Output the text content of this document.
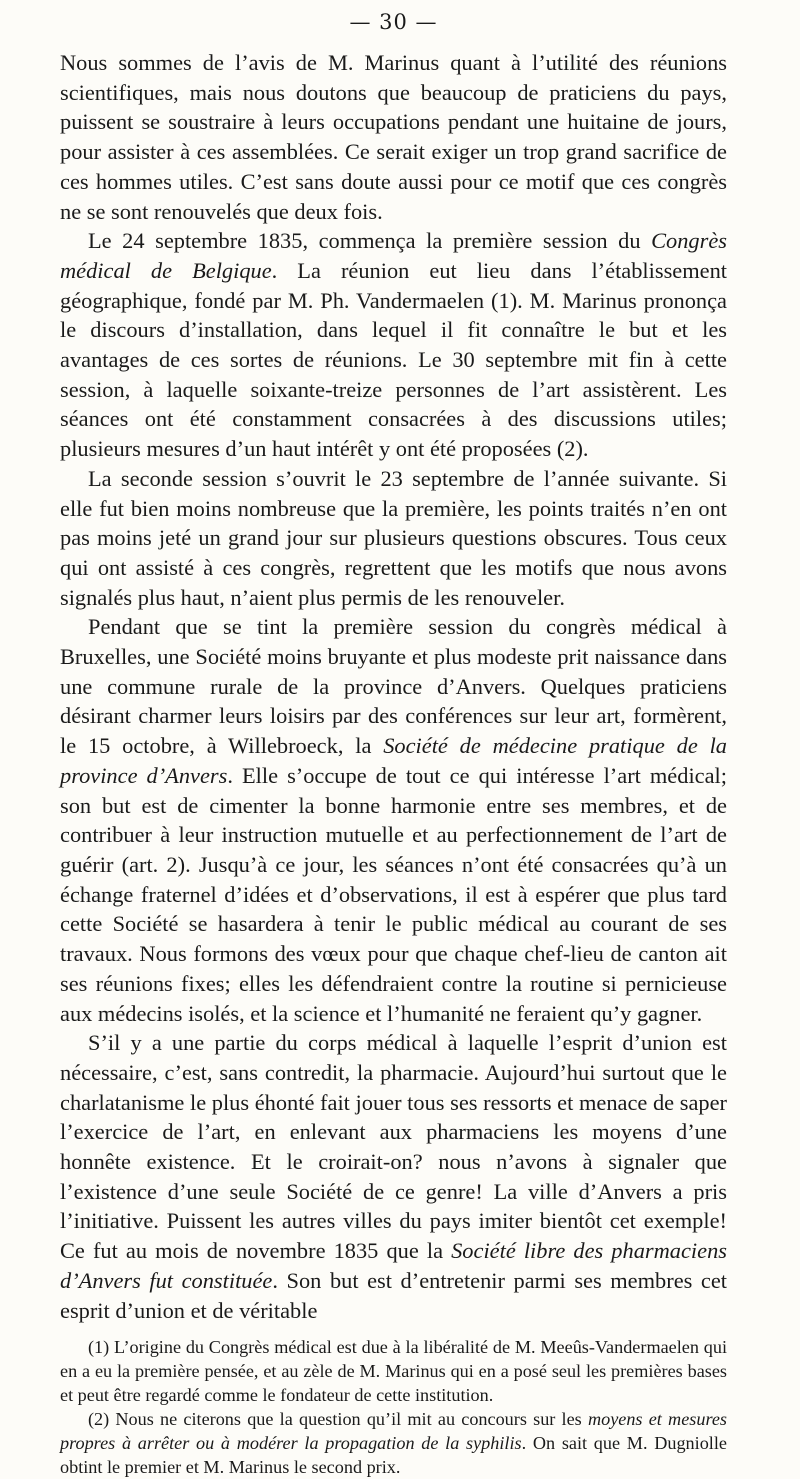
— 30 —

Nous sommes de l’avis de M. Marinus quant à l’utilité des réunions scientifiques, mais nous doutons que beaucoup de praticiens du pays, puissent se soustraire à leurs occupations pendant une huitaine de jours, pour assister à ces assemblées. Ce serait exiger un trop grand sacrifice de ces hommes utiles. C’est sans doute aussi pour ce motif que ces congrès ne se sont renouvelés que deux fois.

Le 24 septembre 1835, commença la première session du Congrès médical de Belgique. La réunion eut lieu dans l’établissement géographique, fondé par M. Ph. Vandermaelen (1). M. Marinus prononça le discours d’installation, dans lequel il fit connaître le but et les avantages de ces sortes de réunions. Le 30 septembre mit fin à cette session, à laquelle soixante-treize personnes de l’art assistèrent. Les séances ont été constamment consacrées à des discussions utiles; plusieurs mesures d’un haut intérêt y ont été proposées (2).

La seconde session s’ouvrit le 23 septembre de l’année suivante. Si elle fut bien moins nombreuse que la première, les points traités n’en ont pas moins jeté un grand jour sur plusieurs questions obscures. Tous ceux qui ont assisté à ces congrès, regrettent que les motifs que nous avons signalés plus haut, n’aient plus permis de les renouveler.

Pendant que se tint la première session du congrès médical à Bruxelles, une Société moins bruyante et plus modeste prit naissance dans une commune rurale de la province d’Anvers. Quelques praticiens désirant charmer leurs loisirs par des conférences sur leur art, formèrent, le 15 octobre, à Willebroeck, la Société de médecine pratique de la province d’Anvers. Elle s’occupe de tout ce qui intéresse l’art médical; son but est de cimenter la bonne harmonie entre ses membres, et de contribuer à leur instruction mutuelle et au perfectionnement de l’art de guérir (art. 2). Jusqu’à ce jour, les séances n’ont été consacrées qu’à un échange fraternel d’idées et d’observations, il est à espérer que plus tard cette Société se hasardera à tenir le public médical au courant de ses travaux. Nous formons des vœux pour que chaque chef-lieu de canton ait ses réunions fixes; elles les défendraient contre la routine si pernicieuse aux médecins isolés, et la science et l’humanité ne feraient qu’y gagner.

S’il y a une partie du corps médical à laquelle l’esprit d’union est nécessaire, c’est, sans contredit, la pharmacie. Aujourd’hui surtout que le charlatanisme le plus éhonté fait jouer tous ses ressorts et menace de saper l’exercice de l’art, en enlevant aux pharmaciens les moyens d’une honnête existence. Et le croirait-on? nous n’avons à signaler que l’existence d’une seule Société de ce genre! La ville d’Anvers a pris l’initiative. Puissent les autres villes du pays imiter bientôt cet exemple! Ce fut au mois de novembre 1835 que la Société libre des pharmaciens d’Anvers fut constituée. Son but est d’entretenir parmi ses membres cet esprit d’union et de véritable

(1) L’origine du Congrès médical est due à la libéralité de M. Meeûs-Vandermaelen qui en a eu la première pensée, et au zèle de M. Marinus qui en a posé seul les premières bases et peut être regardé comme le fondateur de cette institution.

(2) Nous ne citerons que la question qu’il mit au concours sur les moyens et mesures propres à arrêter ou à modérer la propagation de la syphilis. On sait que M. Dugniolle obtint le premier et M. Marinus le second prix.
